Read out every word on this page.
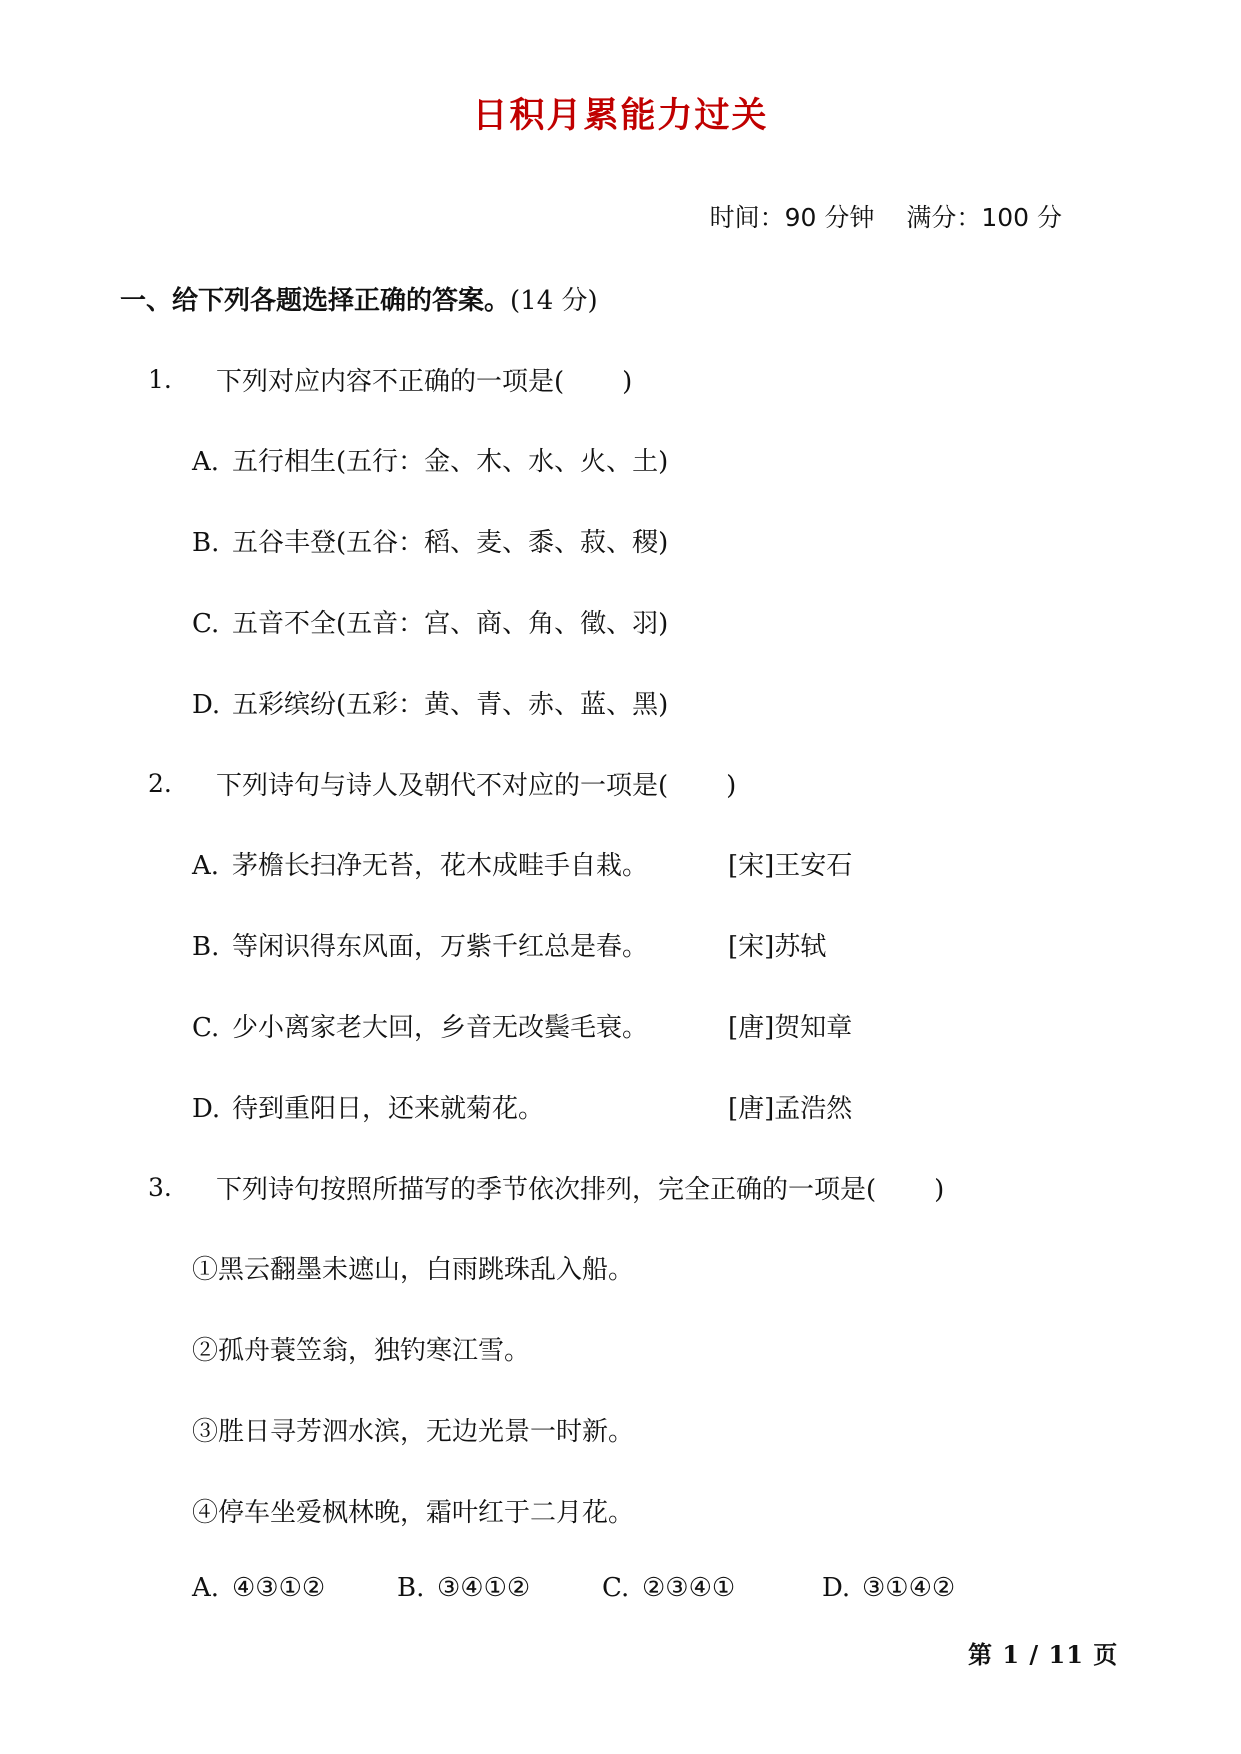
日积月累能力过关
时间：90 分钟 满分：100 分
一、给下列各题选择正确的答案。(14 分)
1. 下列对应内容不正确的一项是( )
A. 五行相生(五行：金、木、水、火、土)
B. 五谷丰登(五谷：稻、麦、黍、菽、稷)
C. 五音不全(五音：宫、商、角、徵、羽)
D. 五彩缤纷(五彩：黄、青、赤、蓝、黑)
2. 下列诗句与诗人及朝代不对应的一项是( )
A. 茅檐长扫净无苔，花木成畦手自栽。	[宋]王安石
B. 等闲识得东风面，万紫千红总是春。	[宋]苏轼
C. 少小离家老大回，乡音无改鬓毛衰。	[唐]贺知章
D. 待到重阳日，还来就菊花。	[唐]孟浩然
3. 下列诗句按照所描写的季节依次排列，完全正确的一项是( )
①黑云翻墨未遮山，白雨跳珠乱入船。
②孤舟蓑笠翁，独钓寒江雪。
③胜日寻芳泗水滨，无边光景一时新。
④停车坐爱枫林晚，霜叶红于二月花。
A. ④③①②	B. ③④①②	C. ②③④①	D. ③①④②
第 1 / 11 页
